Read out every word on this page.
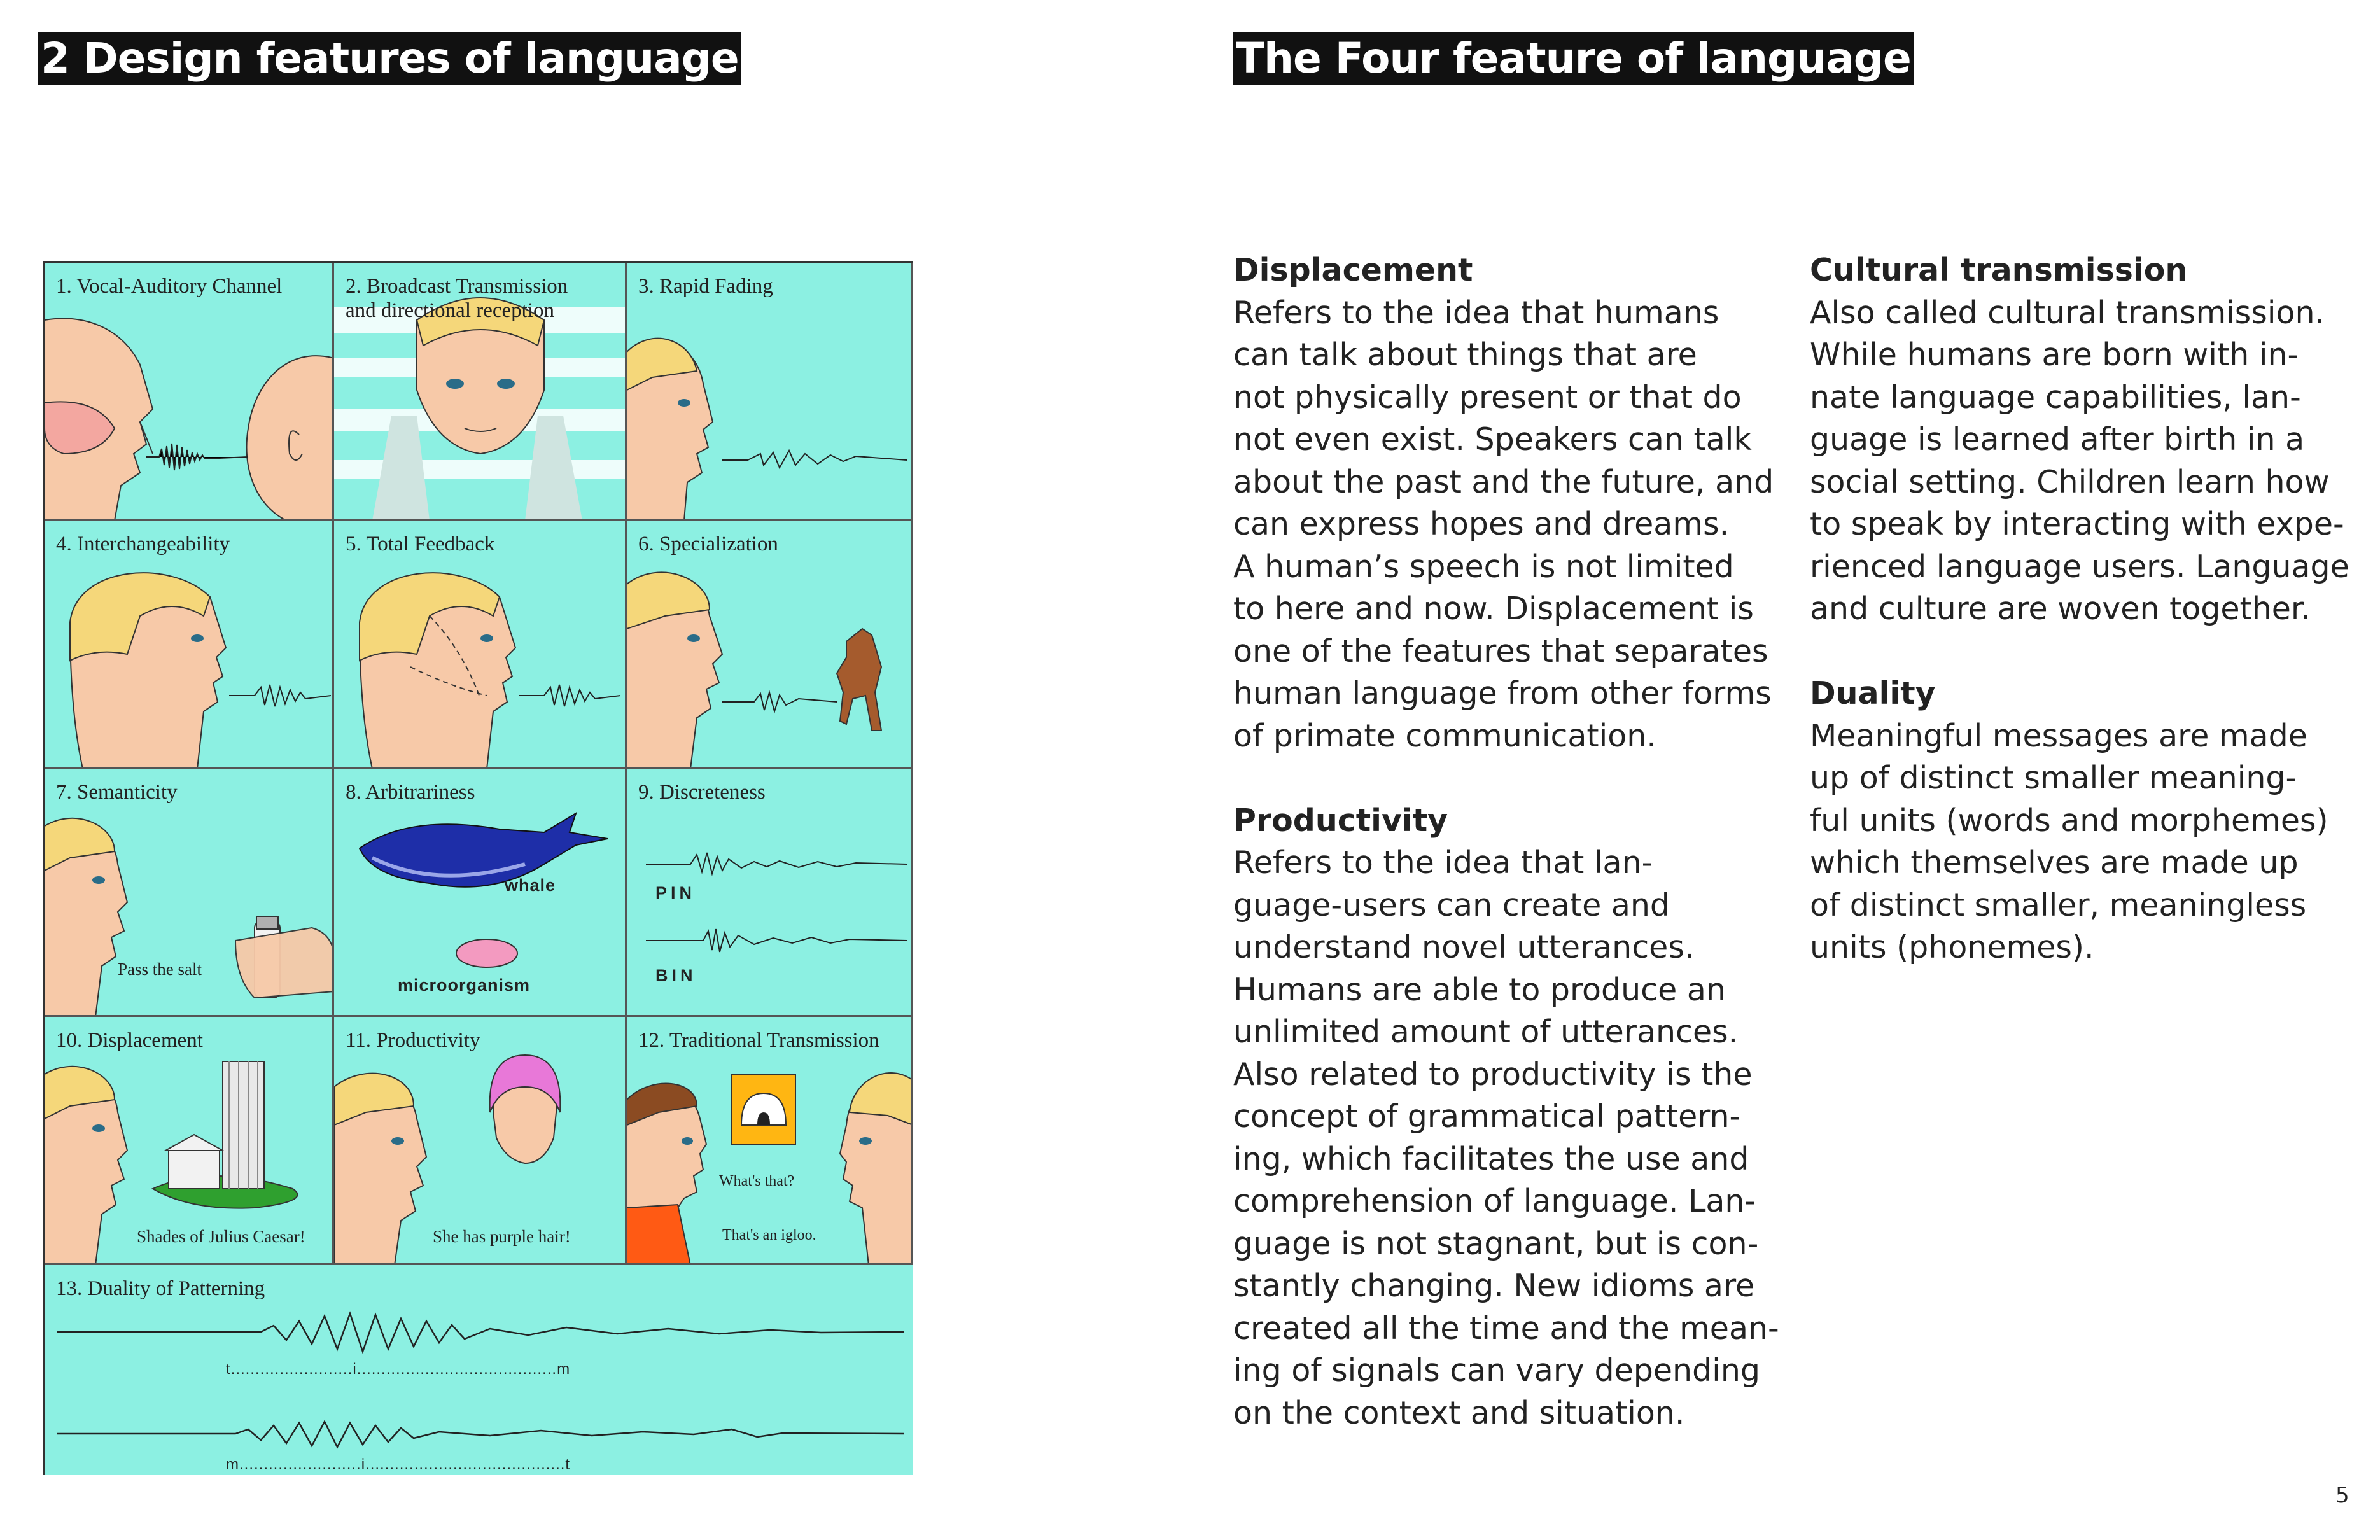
2 Design features of language	The Four feature of language
1. Vocal-Auditory Channel	2. Broadcast Transmission
and directional reception
3. Rapid Fading
4. Interchangeability	5. Total Feedback	6. Specialization
7. Semanticity
Pass the salt
8. Arbitrariness
whale
microorganism
9. Discreteness
PIN
BIN
10. Displacement
Shades of Julius Caesar!
11. Productivity
She has purple hair!
12. Traditional Transmission
What's that?
That's an igloo.
13. Duality of Patterning
t.........................i.........................................m
m.........................i.........................................t
Displacement
Refers to the idea that humans
can talk about things that are
not physically present or that do
not even exist. Speakers can talk
about the past and the future, and
can express hopes and dreams.
A human’s speech is not limited
to here and now. Displacement is
one of the features that separates
human language from other forms
of primate communication.
Productivity
Refers to the idea that lan-
guage-users can create and
understand novel utterances.
Humans are able to produce an
unlimited amount of utterances.
Also related to productivity is the
concept of grammatical pattern-
ing, which facilitates the use and
comprehension of language. Lan-
guage is not stagnant, but is con-
stantly changing. New idioms are
created all the time and the mean-
ing of signals can vary depending
on the context and situation.
Cultural transmission
Also called cultural transmission.
While humans are born with in-
nate language capabilities, lan-
guage is learned after birth in a
social setting. Children learn how
to speak by interacting with expe-
rienced language users. Language
and culture are woven together.
Duality
Meaningful messages are made
up of distinct smaller meaning-
ful units (words and morphemes)
which themselves are made up
of distinct smaller, meaningless
units (phonemes).
5
